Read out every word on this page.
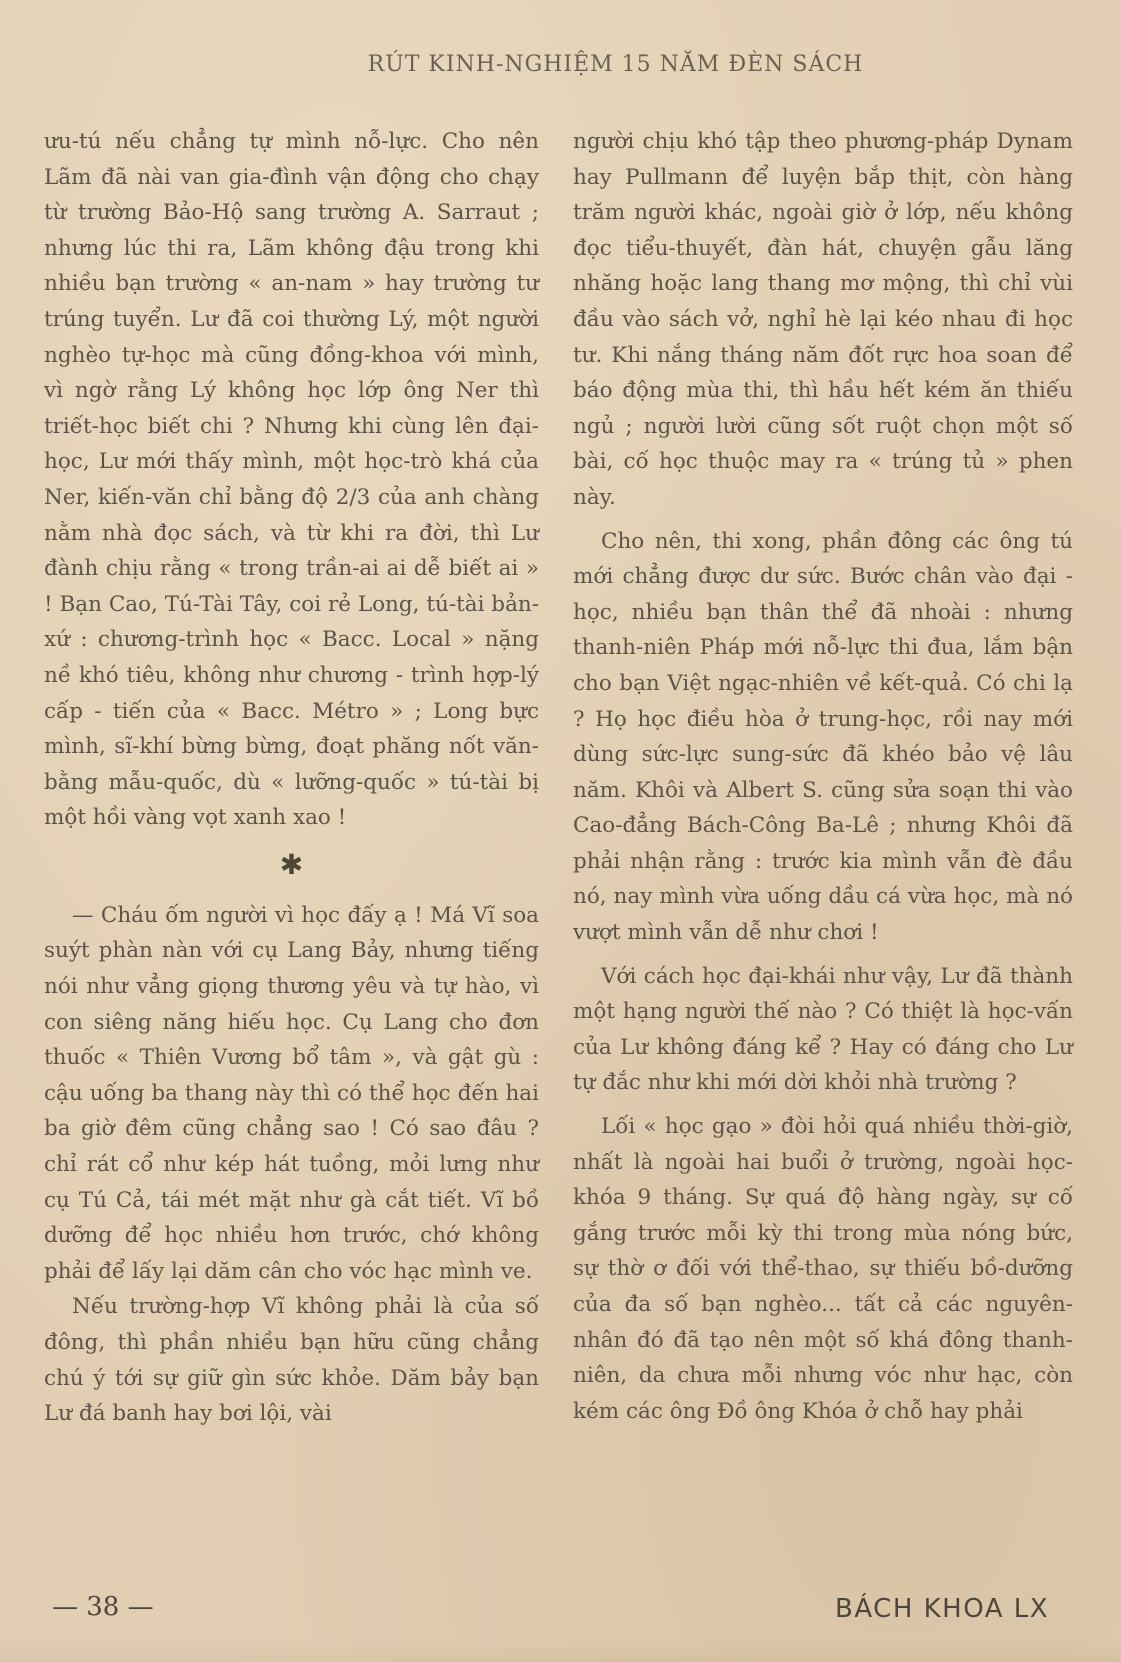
RÚT KINH-NGHIỆM 15 NĂM ĐÈN SÁCH

ưu-tú nếu chẳng tự mình nỗ-lực. Cho nên Lãm đã nài van gia-đình vận động cho chạy từ trường Bảo-Hộ sang trường A. Sarraut ; nhưng lúc thi ra, Lãm không đậu trong khi nhiều bạn trường « an-nam » hay trường tư trúng tuyển. Lư đã coi thường Lý, một người nghèo tự-học mà cũng đồng-khoa với mình, vì ngờ rằng Lý không học lớp ông Ner thì triết-học biết chi ? Nhưng khi cùng lên đại-học, Lư mới thấy mình, một học-trò khá của Ner, kiến-văn chỉ bằng độ 2/3 của anh chàng nằm nhà đọc sách, và từ khi ra đời, thì Lư đành chịu rằng « trong trần-ai ai dễ biết ai » ! Bạn Cao, Tú-Tài Tây, coi rẻ Long, tú-tài bản-xứ : chương-trình học « Bacc. Local » nặng nề khó tiêu, không như chương - trình hợp-lý cấp - tiến của « Bacc. Métro » ; Long bực mình, sĩ-khí bừng bừng, đoạt phăng nốt văn-bằng mẫu-quốc, dù « lưỡng-quốc » tú-tài bị một hồi vàng vọt xanh xao !

✱

— Cháu ốm người vì học đấy ạ ! Má Vĩ soa suýt phàn nàn với cụ Lang Bảy, nhưng tiếng nói như vẳng giọng thương yêu và tự hào, vì con siêng năng hiếu học. Cụ Lang cho đơn thuốc « Thiên Vương bổ tâm », và gật gù : cậu uống ba thang này thì có thể học đến hai ba giờ đêm cũng chẳng sao ! Có sao đâu ? chỉ rát cổ như kép hát tuồng, mỏi lưng như cụ Tú Cả, tái mét mặt như gà cắt tiết. Vĩ bồ dưỡng để học nhiều hơn trước, chớ không phải để lấy lại dăm cân cho vóc hạc mình ve.

Nếu trường-hợp Vĩ không phải là của số đông, thì phần nhiều bạn hữu cũng chẳng chú ý tới sự giữ gìn sức khỏe. Dăm bảy bạn Lư đá banh hay bơi lội, vài

người chịu khó tập theo phương-pháp Dynam hay Pullmann để luyện bắp thịt, còn hàng trăm người khác, ngoài giờ ở lớp, nếu không đọc tiểu-thuyết, đàn hát, chuyện gẫu lăng nhăng hoặc lang thang mơ mộng, thì chỉ vùi đầu vào sách vở, nghỉ hè lại kéo nhau đi học tư. Khi nắng tháng năm đốt rực hoa soan để báo động mùa thi, thì hầu hết kém ăn thiếu ngủ ; người lười cũng sốt ruột chọn một số bài, cố học thuộc may ra « trúng tủ » phen này.

Cho nên, thi xong, phần đông các ông tú mới chẳng được dư sức. Bước chân vào đại - học, nhiều bạn thân thể đã nhoài : nhưng thanh-niên Pháp mới nỗ-lực thi đua, lắm bận cho bạn Việt ngạc-nhiên về kết-quả. Có chi lạ ? Họ học điều hòa ở trung-học, rồi nay mới dùng sức-lực sung-sức đã khéo bảo vệ lâu năm. Khôi và Albert S. cũng sửa soạn thi vào Cao-đẳng Bách-Công Ba-Lê ; nhưng Khôi đã phải nhận rằng : trước kia mình vẫn đè đầu nó, nay mình vừa uống dầu cá vừa học, mà nó vượt mình vẫn dễ như chơi !

Với cách học đại-khái như vậy, Lư đã thành một hạng người thế nào ? Có thiệt là học-vấn của Lư không đáng kể ? Hay có đáng cho Lư tự đắc như khi mới dời khỏi nhà trường ?

Lối « học gạo » đòi hỏi quá nhiều thời-giờ, nhất là ngoài hai buổi ở trường, ngoài học-khóa 9 tháng. Sự quá độ hàng ngày, sự cố gắng trước mỗi kỳ thi trong mùa nóng bức, sự thờ ơ đối với thể-thao, sự thiếu bồ-dưỡng của đa số bạn nghèo... tất cả các nguyên-nhân đó đã tạo nên một số khá đông thanh-niên, da chưa mỗi nhưng vóc như hạc, còn kém các ông Đồ ông Khóa ở chỗ hay phải

— 38 —	BÁCH KHOA LX
